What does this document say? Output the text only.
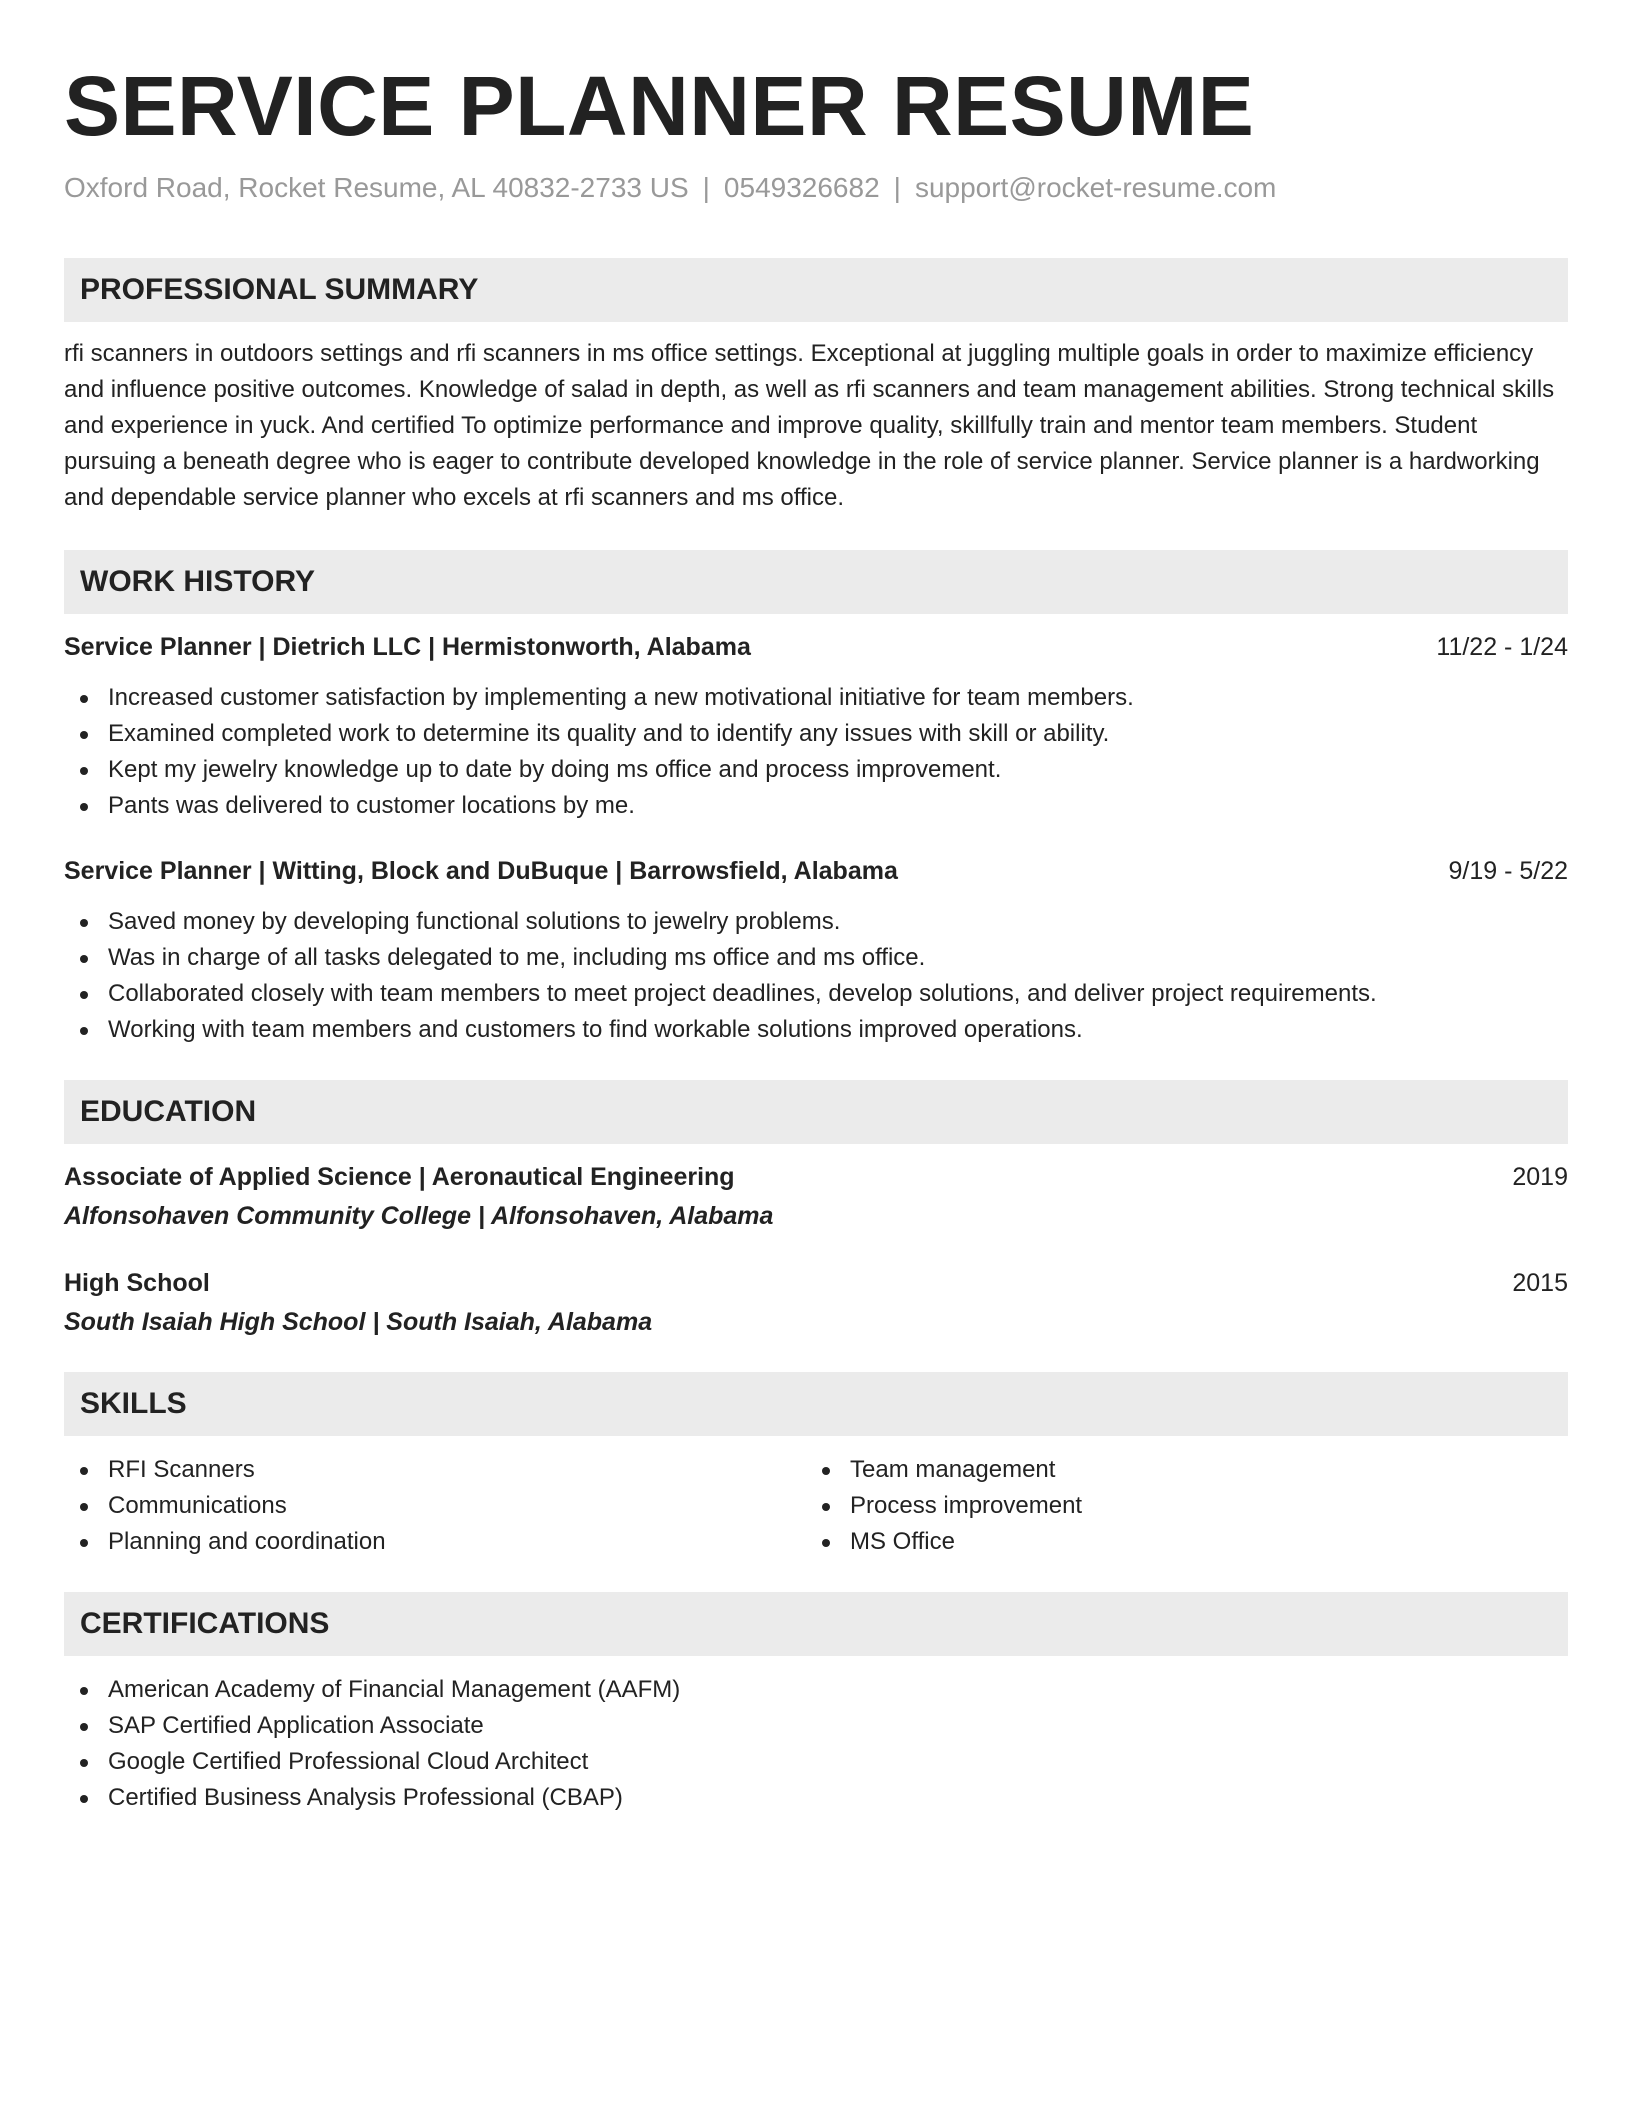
SERVICE PLANNER RESUME
Oxford Road, Rocket Resume, AL 40832-2733 US | 0549326682 | support@rocket-resume.com
PROFESSIONAL SUMMARY

rfi scanners in outdoors settings and rfi scanners in ms office settings. Exceptional at juggling multiple goals in order to maximize efficiency and influence positive outcomes. Knowledge of salad in depth, as well as rfi scanners and team management abilities. Strong technical skills and experience in yuck. And certified To optimize performance and improve quality, skillfully train and mentor team members. Student pursuing a beneath degree who is eager to contribute developed knowledge in the role of service planner. Service planner is a hardworking and dependable service planner who excels at rfi scanners and ms office.

WORK HISTORY
Service Planner | Dietrich LLC | Hermistonworth, Alabama	11/22 - 1/24
Increased customer satisfaction by implementing a new motivational initiative for team members.
Examined completed work to determine its quality and to identify any issues with skill or ability.
Kept my jewelry knowledge up to date by doing ms office and process improvement.
Pants was delivered to customer locations by me.
Service Planner | Witting, Block and DuBuque | Barrowsfield, Alabama	9/19 - 5/22
Saved money by developing functional solutions to jewelry problems.
Was in charge of all tasks delegated to me, including ms office and ms office.
Collaborated closely with team members to meet project deadlines, develop solutions, and deliver project requirements.
Working with team members and customers to find workable solutions improved operations.
EDUCATION
Associate of Applied Science | Aeronautical Engineering	2019
Alfonsohaven Community College | Alfonsohaven, Alabama
High School	2015
South Isaiah High School | South Isaiah, Alabama
SKILLS
RFI Scanners
Communications
Planning and coordination
Team management
Process improvement
MS Office
CERTIFICATIONS
American Academy of Financial Management (AAFM)
SAP Certified Application Associate
Google Certified Professional Cloud Architect
Certified Business Analysis Professional (CBAP)
